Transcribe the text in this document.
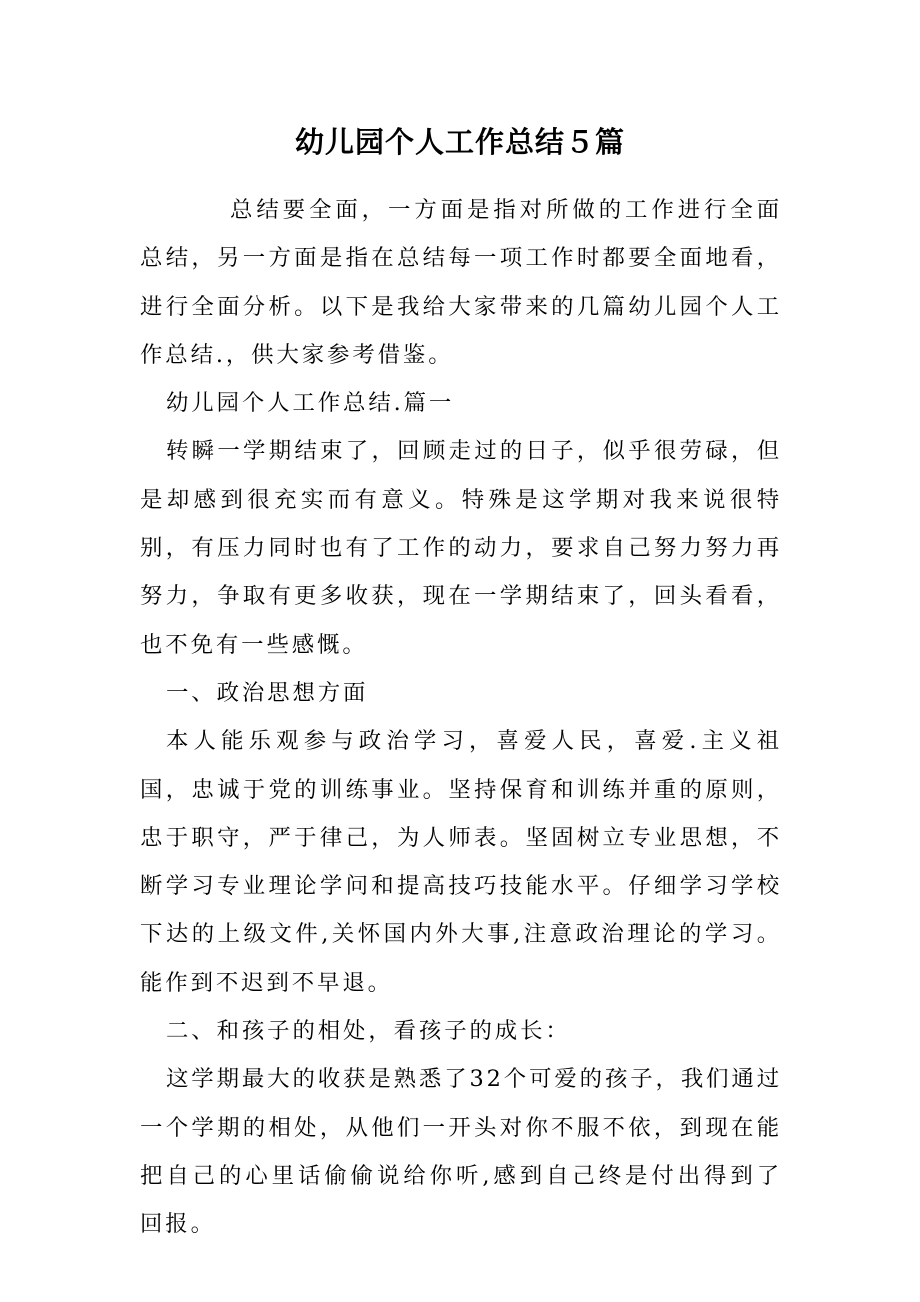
幼儿园个人工作总结５篇

总结要全面，一方面是指对所做的工作进行全面总结，另一方面是指在总结每一项工作时都要全面地看，进行全面分析。以下是我给大家带来的几篇幼儿园个人工作总结.，供大家参考借鉴。

幼儿园个人工作总结.篇一

转瞬一学期结束了，回顾走过的日子，似乎很劳碌，但是却感到很充实而有意义。特殊是这学期对我来说很特别，有压力同时也有了工作的动力，要求自己努力努力再努力，争取有更多收获，现在一学期结束了，回头看看，也不免有一些感慨。

一、政治思想方面

本人能乐观参与政治学习，喜爱人民，喜爱.主义祖国，忠诚于党的训练事业。坚持保育和训练并重的原则，忠于职守，严于律己，为人师表。坚固树立专业思想，不断学习专业理论学问和提高技巧技能水平。仔细学习学校下达的上级文件,关怀国内外大事,注意政治理论的学习。能作到不迟到不早退。

二、和孩子的相处，看孩子的成长：

这学期最大的收获是熟悉了32个可爱的孩子，我们通过一个学期的相处，从他们一开头对你不服不依，到现在能把自己的心里话偷偷说给你听,感到自己终是付出得到了回报。
